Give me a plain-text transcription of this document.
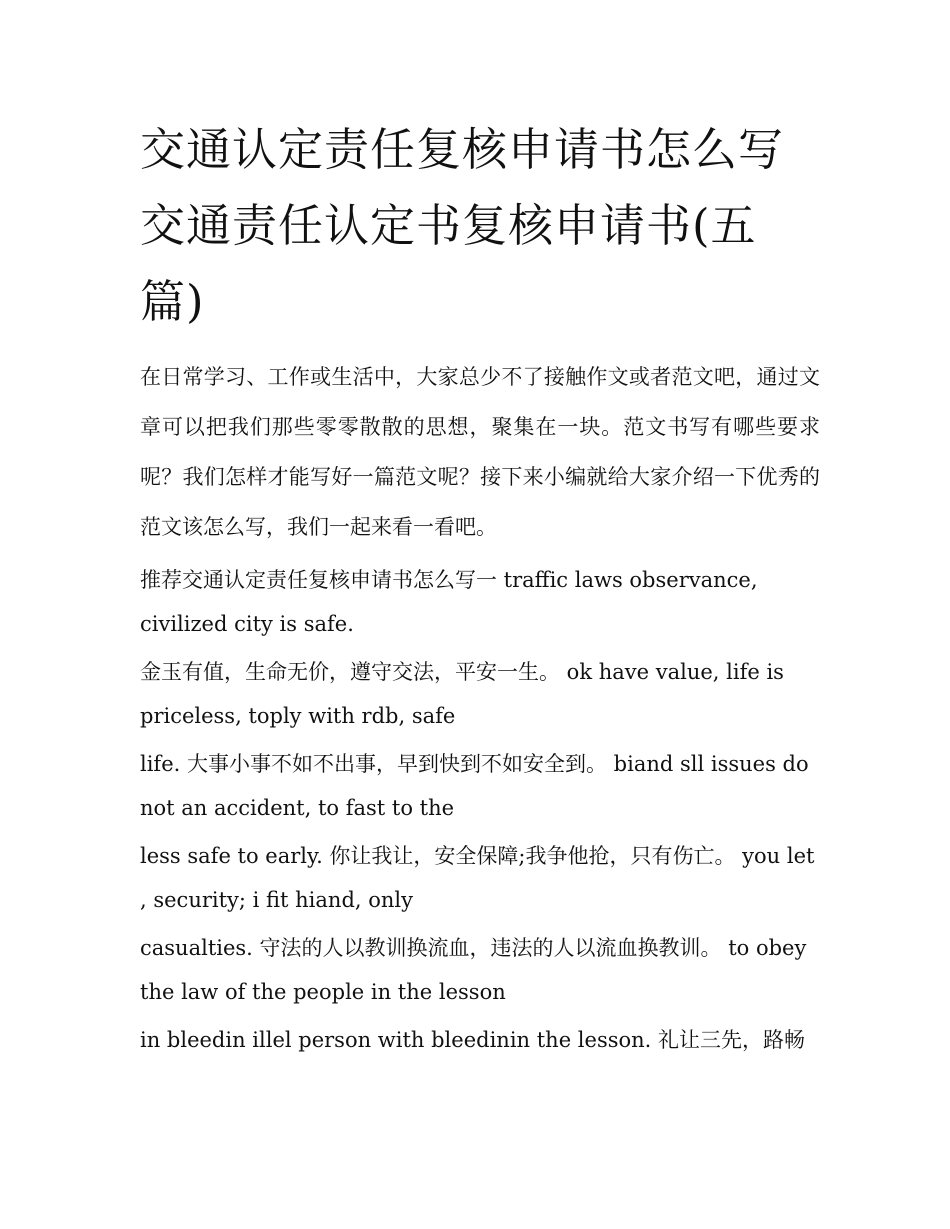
交通认定责任复核申请书怎么写 交通责任认定书复核申请书(五篇)

在日常学习、工作或生活中，大家总少不了接触作文或者范文吧，通过文章可以把我们那些零零散散的思想，聚集在一块。范文书写有哪些要求呢？我们怎样才能写好一篇范文呢？接下来小编就给大家介绍一下优秀的范文该怎么写，我们一起来看一看吧。

推荐交通认定责任复核申请书怎么写一 traffic laws observance, civilized city is safe.

金玉有值，生命无价，遵守交法，平安一生。 ok have value, life is priceless, toply with rdb, safe

life. 大事小事不如不出事，早到快到不如安全到。 biand sll issues do not an accident, to fast to the

less safe to early. 你让我让，安全保障;我争他抢，只有伤亡。 you let , security; i fit hiand, only

casualties. 守法的人以教训换流血，违法的人以流血换教训。 to obey the law of the people in the lesson

in bleedin illel person with bleedinin the lesson. 礼让三先，路畅
